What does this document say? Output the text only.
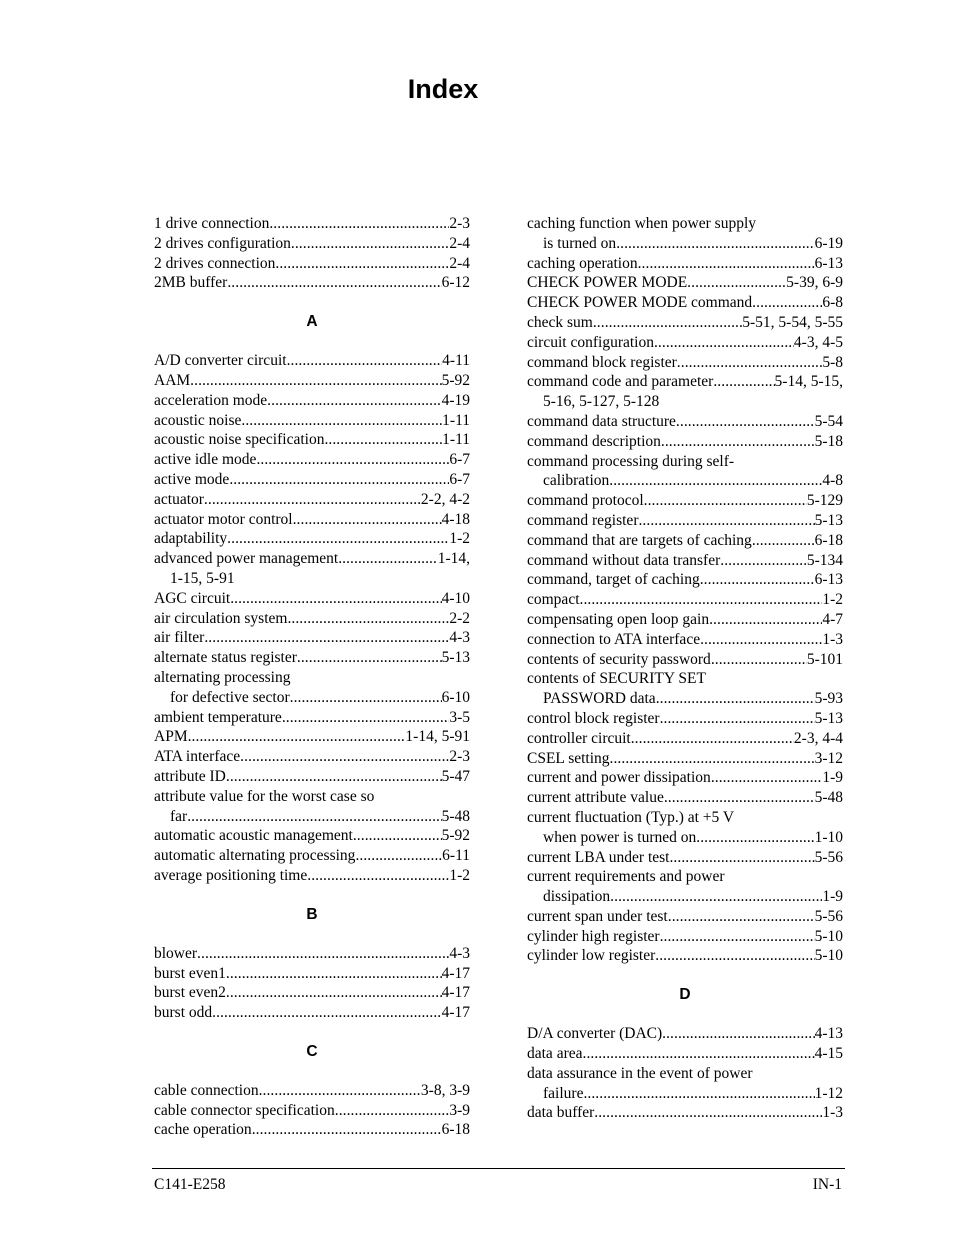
Index
1 drive connection . . .	2-3
2 drives configuration . . .	2-4
2 drives connection . . .	2-4
2MB buffer . . .	6-12
A
A/D converter circuit . . .	4-11
AAM . . .	5-92
acceleration mode . . .	4-19
acoustic noise . . .	1-11
acoustic noise specification . . .	1-11
active idle mode . . .	6-7
active mode . . .	6-7
actuator . . .	2-2, 4-2
actuator motor control . . .	4-18
adaptability . . .	1-2
advanced power management . . .	1-14,
1-15, 5-91
AGC circuit . . .	4-10
air circulation system . . .	2-2
air filter . . .	4-3
alternate status register . . .	5-13
alternating processing
for defective sector . . .	6-10
ambient temperature . . .	3-5
APM . . .	1-14, 5-91
ATA interface . . .	2-3
attribute ID . . .	5-47
attribute value for the worst case so
far . . .	5-48
automatic acoustic management . . .	5-92
automatic alternating processing . . .	6-11
average positioning time . . .	1-2
B
blower . . .	4-3
burst even1 . . .	4-17
burst even2 . . .	4-17
burst odd . . .	4-17
C
cable connection . . .	3-8, 3-9
cable connector specification . . .	3-9
cache operation . . .	6-18
caching function when power supply
is turned on . . .	6-19
caching operation . . .	6-13
CHECK POWER MODE . . .	5-39, 6-9
CHECK POWER MODE command . . .	6-8
check sum . . .	5-51, 5-54, 5-55
circuit configuration . . .	4-3, 4-5
command block register . . .	5-8
command code and parameter . . .	5-14, 5-15,
5-16, 5-127, 5-128
command data structure . . .	5-54
command description . . .	5-18
command processing during self-
calibration . . .	4-8
command protocol . . .	5-129
command register . . .	5-13
command that are targets of caching . . .	6-18
command without data transfer . . .	5-134
command, target of caching . . .	6-13
compact . . .	1-2
compensating open loop gain . . .	4-7
connection to ATA interface . . .	1-3
contents of security password . . .	5-101
contents of SECURITY SET
PASSWORD data . . .	5-93
control block register . . .	5-13
controller circuit . . .	2-3, 4-4
CSEL setting . . .	3-12
current and power dissipation . . .	1-9
current attribute value . . .	5-48
current fluctuation (Typ.) at +5 V
when power is turned on . . .	1-10
current LBA under test . . .	5-56
current requirements and power
dissipation . . .	1-9
current span under test . . .	5-56
cylinder high register . . .	5-10
cylinder low register . . .	5-10
D
D/A converter (DAC) . . .	4-13
data area . . .	4-15
data assurance in the event of power
failure . . .	1-12
data buffer . . .	1-3
C141-E258	IN-1
